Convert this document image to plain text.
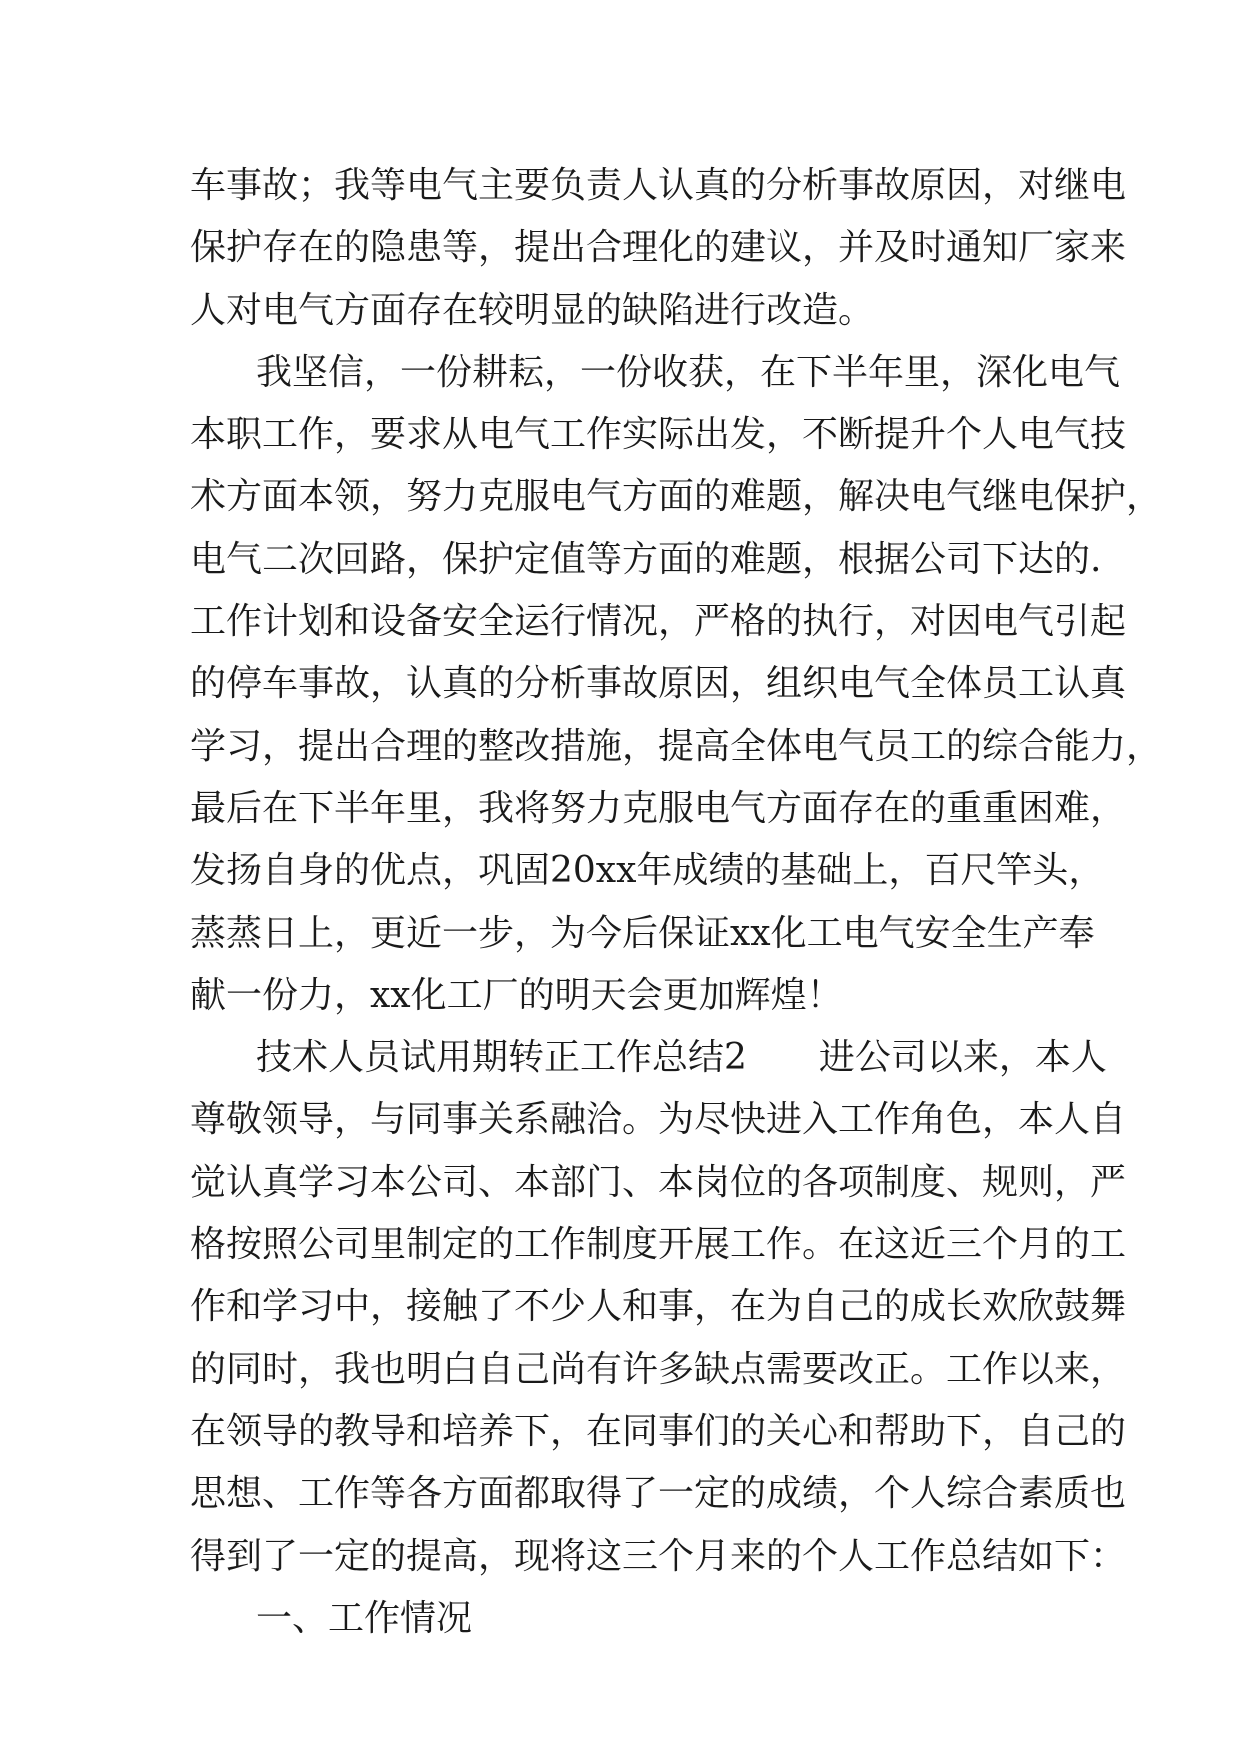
车事故；我等电气主要负责人认真的分析事故原因，对继电
保护存在的隐患等，提出合理化的建议，并及时通知厂家来
人对电气方面存在较明显的缺陷进行改造。
我坚信，一份耕耘，一份收获，在下半年里，深化电气
本职工作，要求从电气工作实际出发，不断提升个人电气技
术方面本领，努力克服电气方面的难题，解决电气继电保护，
电气二次回路，保护定值等方面的难题，根据公司下达的.
工作计划和设备安全运行情况，严格的执行，对因电气引起
的停车事故，认真的分析事故原因，组织电气全体员工认真
学习，提出合理的整改措施，提高全体电气员工的综合能力，
最后在下半年里，我将努力克服电气方面存在的重重困难，
发扬自身的优点，巩固20xx年成绩的基础上，百尺竿头，
蒸蒸日上，更近一步，为今后保证xx化工电气安全生产奉
献一份力，xx化工厂的明天会更加辉煌！
技术人员试用期转正工作总结2　　进公司以来，本人
尊敬领导，与同事关系融洽。为尽快进入工作角色，本人自
觉认真学习本公司、本部门、本岗位的各项制度、规则，严
格按照公司里制定的工作制度开展工作。在这近三个月的工
作和学习中，接触了不少人和事，在为自己的成长欢欣鼓舞
的同时，我也明白自己尚有许多缺点需要改正。工作以来，
在领导的教导和培养下，在同事们的关心和帮助下，自己的
思想、工作等各方面都取得了一定的成绩，个人综合素质也
得到了一定的提高，现将这三个月来的个人工作总结如下：
一、工作情况
